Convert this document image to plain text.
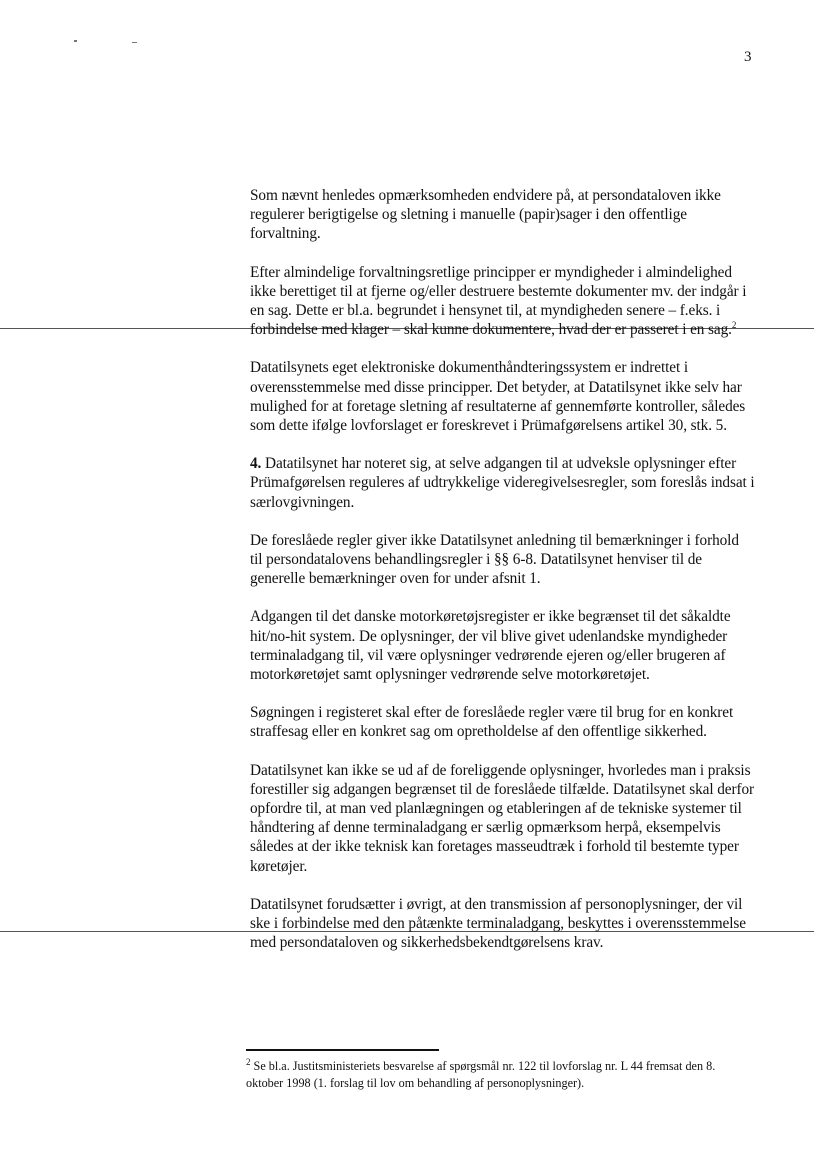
3

Som nævnt henledes opmærksomheden endvidere på, at persondataloven ikke regulerer berigtigelse og sletning i manuelle (papir)sager i den offentlige forvaltning.

Efter almindelige forvaltningsretlige principper er myndigheder i almindelighed ikke berettiget til at fjerne og/eller destruere bestemte dokumenter mv. der indgår i en sag. Dette er bl.a. begrundet i hensynet til, at myndigheden senere – f.eks. i forbindelse med klager – skal kunne dokumentere, hvad der er passeret i en sag.$^2$

Datatilsynets eget elektroniske dokumenthåndteringssystem er indrettet i overensstemmelse med disse principper. Det betyder, at Datatilsynet ikke selv har mulighed for at foretage sletning af resultaterne af gennemførte kontroller, således som dette ifølge lovforslaget er foreskrevet i Prümafgørelsens artikel 30, stk. 5.

4. Datatilsynet har noteret sig, at selve adgangen til at udveksle oplysninger efter Prümafgørelsen reguleres af udtrykkelige videregivelsesregler, som foreslås indsat i særlovgivningen.

De foreslåede regler giver ikke Datatilsynet anledning til bemærkninger i forhold til persondatalovens behandlingsregler i §§ 6-8. Datatilsynet henviser til de generelle bemærkninger oven for under afsnit 1.

Adgangen til det danske motorkøretøjsregister er ikke begrænset til det såkaldte hit/no-hit system. De oplysninger, der vil blive givet udenlandske myndigheder terminaladgang til, vil være oplysninger vedrørende ejeren og/eller brugeren af motorkøretøjet samt oplysninger vedrørende selve motorkøretøjet.

Søgningen i registeret skal efter de foreslåede regler være til brug for en konkret straffesag eller en konkret sag om opretholdelse af den offentlige sikkerhed.

Datatilsynet kan ikke se ud af de foreliggende oplysninger, hvorledes man i praksis forestiller sig adgangen begrænset til de foreslåede tilfælde. Datatilsynet skal derfor opfordre til, at man ved planlægningen og etableringen af de tekniske systemer til håndtering af denne terminaladgang er særlig opmærksom herpå, eksempelvis således at der ikke teknisk kan foretages masseudtræk i forhold til bestemte typer køretøjer.

Datatilsynet forudsætter i øvrigt, at den transmission af personoplysninger, der vil ske i forbindelse med den påtænkte terminaladgang, beskyttes i overensstemmelse med persondataloven og sikkerhedsbekendtgørelsens krav.

$^2$ Se bl.a. Justitsministeriets besvarelse af spørgsmål nr. 122 til lovforslag nr. L 44 fremsat den 8. oktober 1998 (1. forslag til lov om behandling af personoplysninger).
